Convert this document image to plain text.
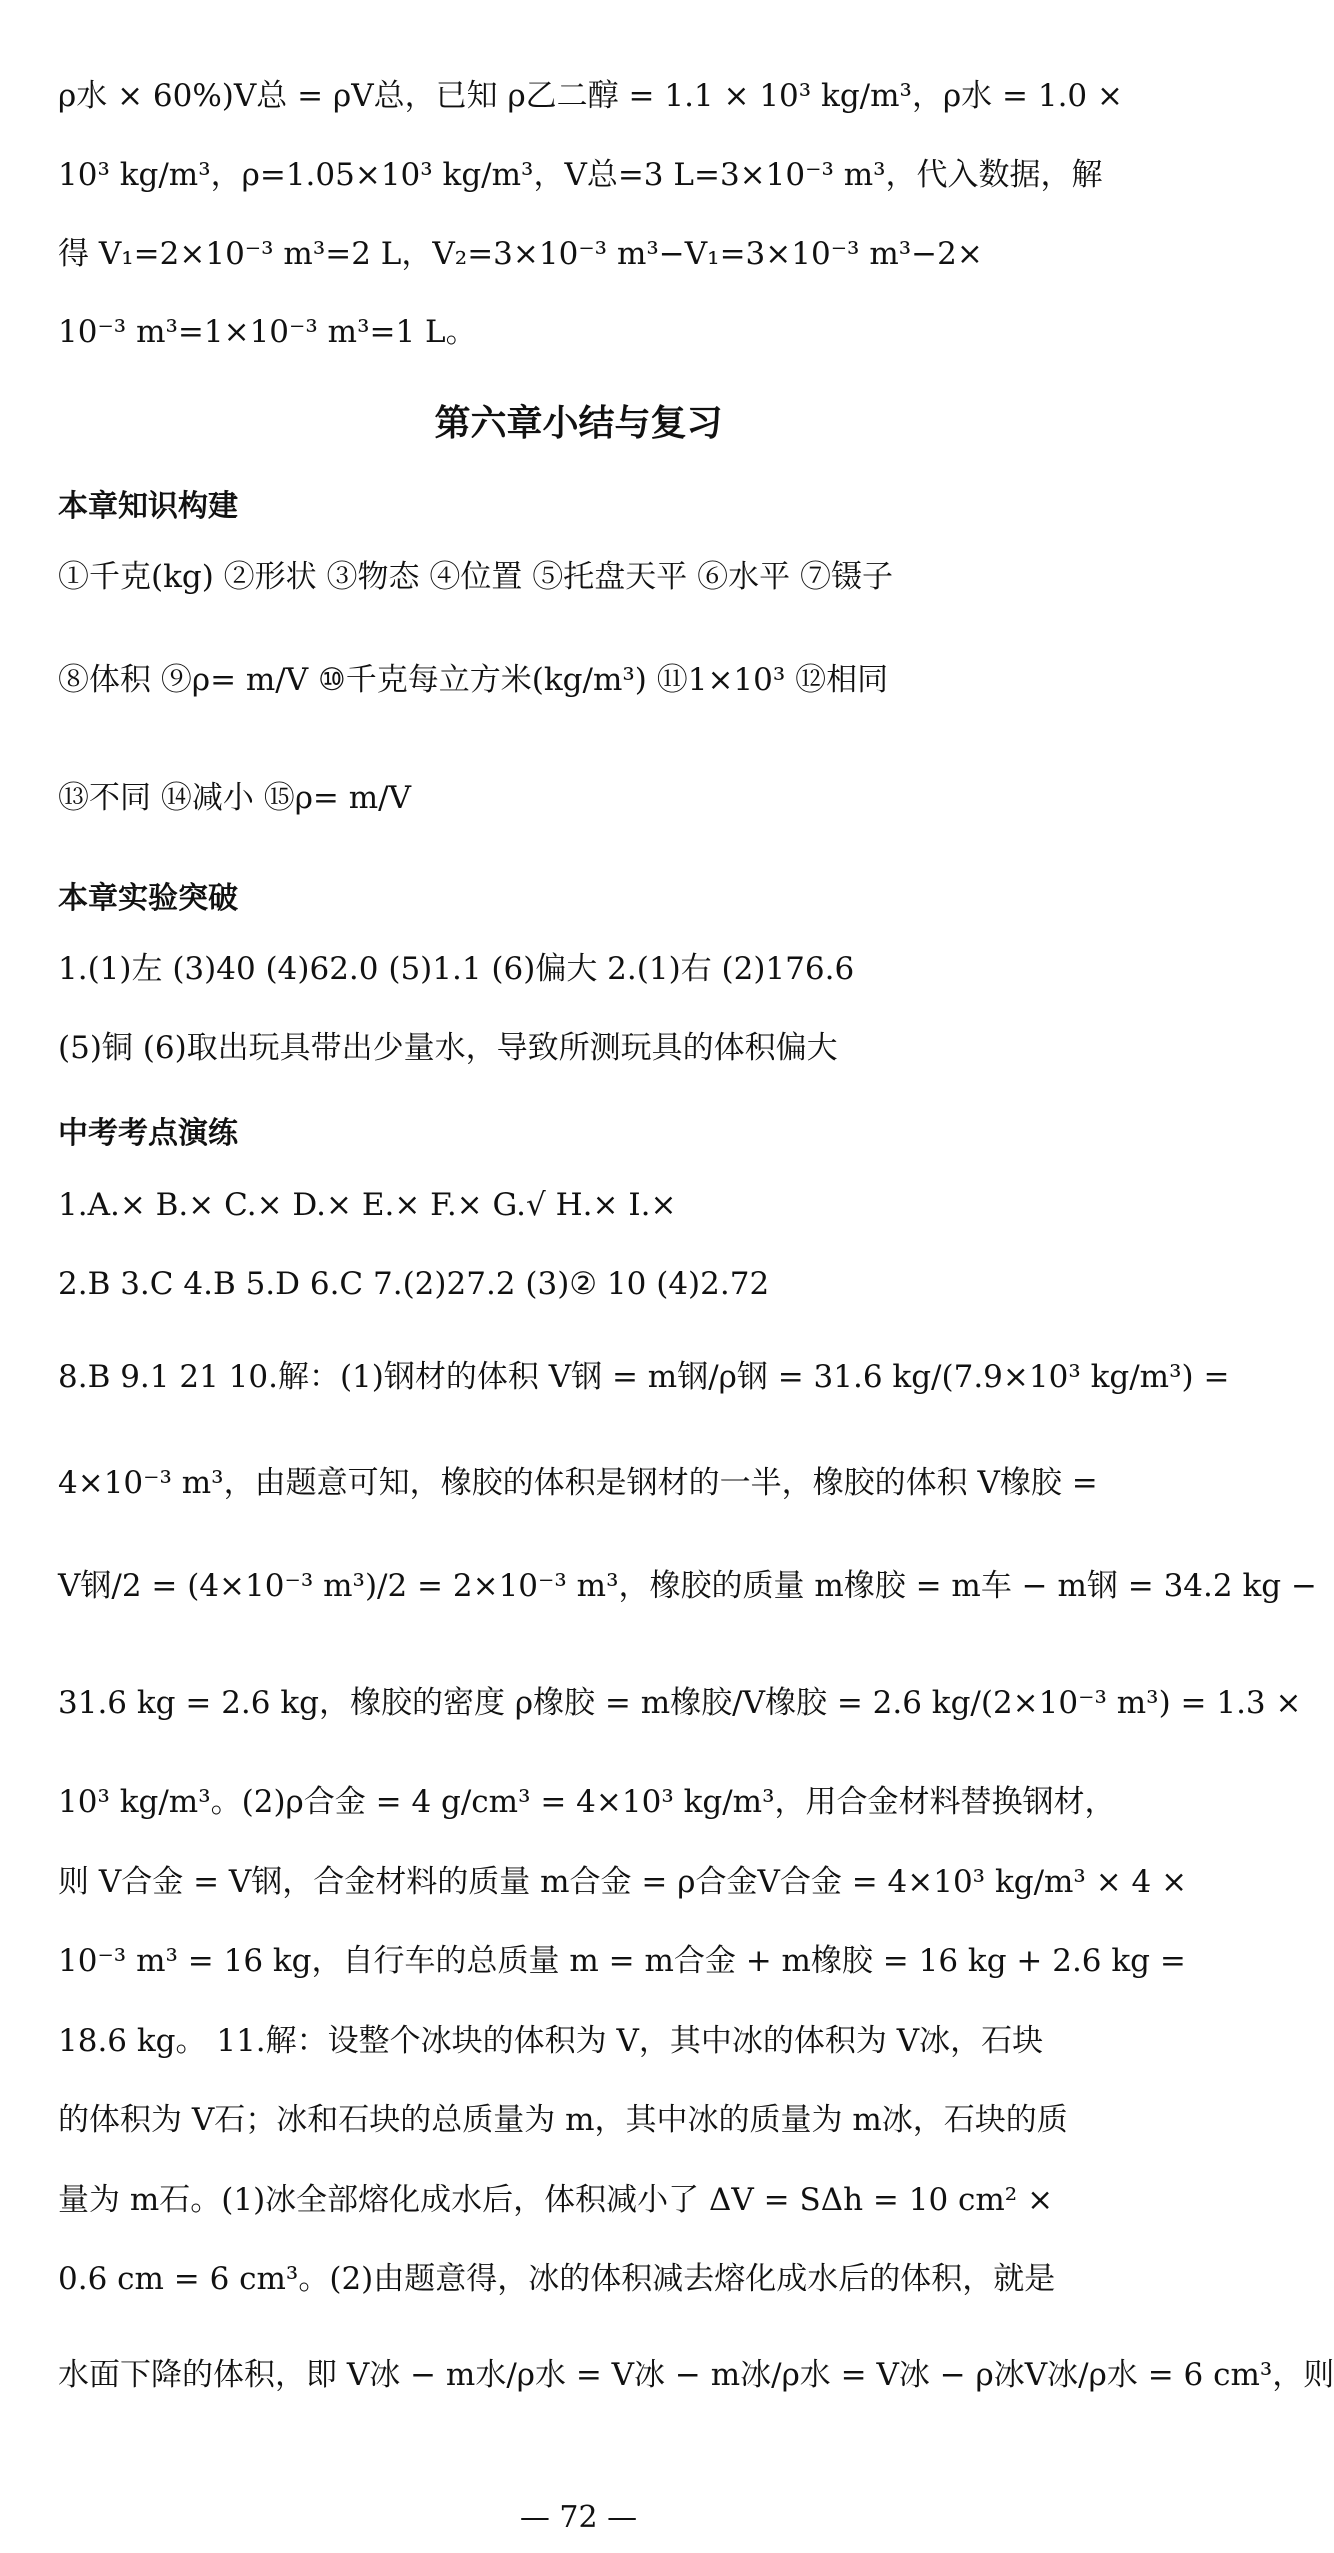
ρ水 × 60%)V总 = ρV总，已知 ρ乙二醇 = 1.1 × 10³ kg/m³，ρ水 = 1.0 ×
10³ kg/m³，ρ=1.05×10³ kg/m³，V总=3 L=3×10⁻³ m³，代入数据，解
得 V₁=2×10⁻³ m³=2 L，V₂=3×10⁻³ m³−V₁=3×10⁻³ m³−2×
10⁻³ m³=1×10⁻³ m³=1 L。
第六章小结与复习
本章知识构建
①千克(kg) ②形状 ③物态 ④位置 ⑤托盘天平 ⑥水平 ⑦镊子
⑧体积 ⑨ρ= m/V ⑩千克每立方米(kg/m³) ⑪1×10³ ⑫相同
⑬不同 ⑭减小 ⑮ρ= m/V
本章实验突破
1.(1)左 (3)40 (4)62.0 (5)1.1 (6)偏大 2.(1)右 (2)176.6
(5)铜 (6)取出玩具带出少量水，导致所测玩具的体积偏大
中考考点演练
1.A.× B.× C.× D.× E.× F.× G.√ H.× I.×
2.B 3.C 4.B 5.D 6.C 7.(2)27.2 (3)② 10 (4)2.72
8.B 9.1 21 10.解：(1)钢材的体积 V钢 = m钢/ρ钢 = 31.6 kg/(7.9×10³ kg/m³) =
4×10⁻³ m³，由题意可知，橡胶的体积是钢材的一半，橡胶的体积 V橡胶 =
V钢/2 = (4×10⁻³ m³)/2 = 2×10⁻³ m³，橡胶的质量 m橡胶 = m车 − m钢 = 34.2 kg −
31.6 kg = 2.6 kg，橡胶的密度 ρ橡胶 = m橡胶/V橡胶 = 2.6 kg/(2×10⁻³ m³) = 1.3 ×
10³ kg/m³。(2)ρ合金 = 4 g/cm³ = 4×10³ kg/m³，用合金材料替换钢材，
则 V合金 = V钢，合金材料的质量 m合金 = ρ合金V合金 = 4×10³ kg/m³ × 4 ×
10⁻³ m³ = 16 kg，自行车的总质量 m = m合金 + m橡胶 = 16 kg + 2.6 kg =
18.6 kg。 11.解：设整个冰块的体积为 V，其中冰的体积为 V冰，石块
的体积为 V石；冰和石块的总质量为 m，其中冰的质量为 m冰，石块的质
量为 m石。(1)冰全部熔化成水后，体积减小了 ΔV = SΔh = 10 cm² ×
0.6 cm = 6 cm³。(2)由题意得，冰的体积减去熔化成水后的体积，就是
水面下降的体积，即 V冰 − m水/ρ水 = V冰 − m冰/ρ水 = V冰 − ρ冰V冰/ρ水 = 6 cm³，则
— 72 —
